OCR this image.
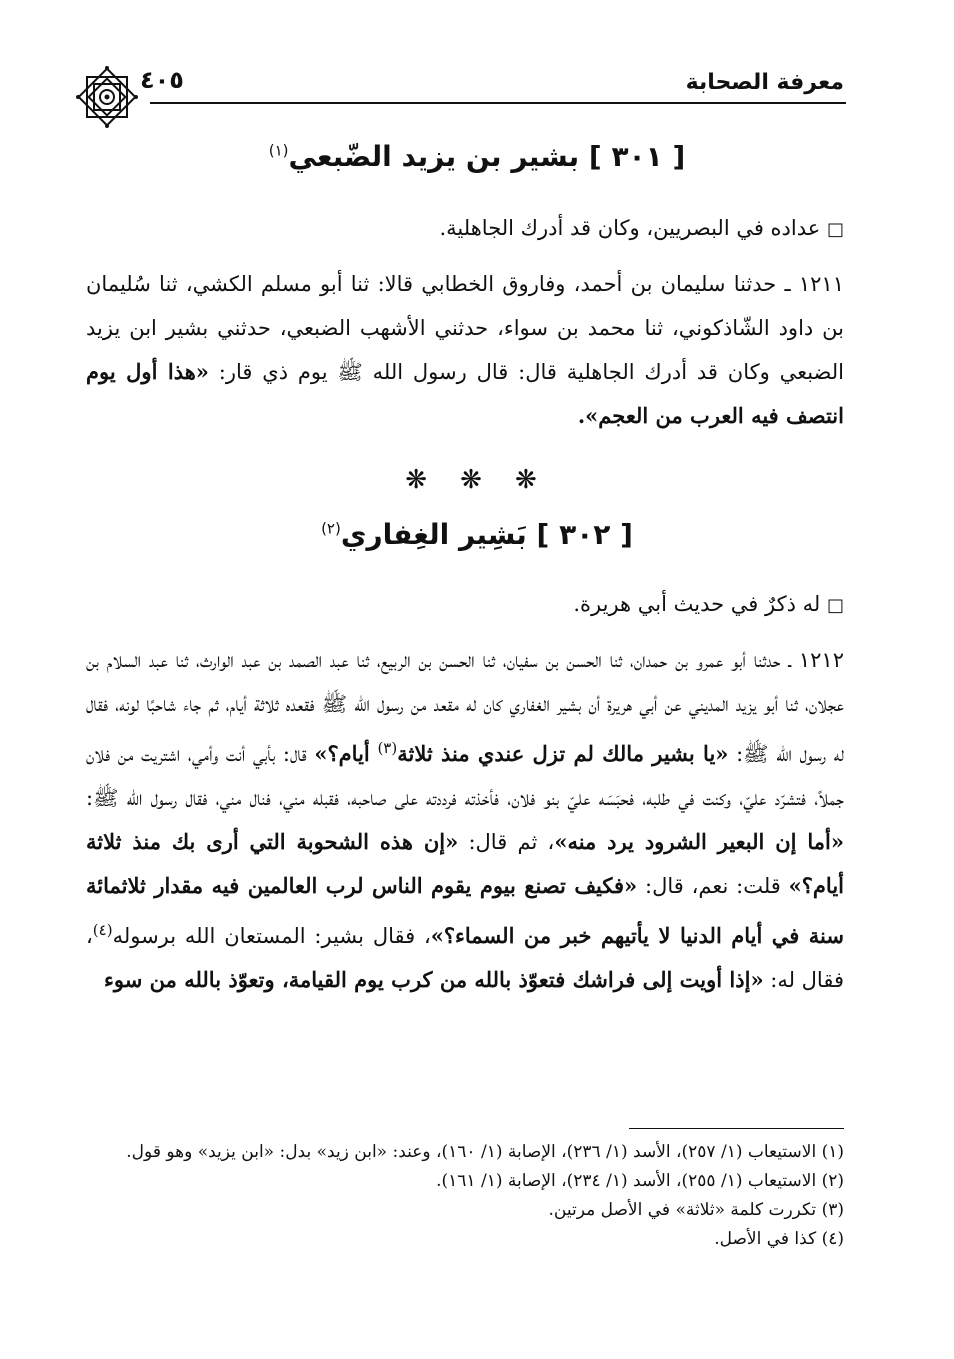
معرفة الصحابة
٤٠٥
[ ٣٠١ ] بشير بن يزيد الضّبعي$^{(١)}$
□ عداده في البصريين، وكان قد أدرك الجاهلية.
١٢١١ ـ حدثنا سليمان بن أحمد، وفاروق الخطابي قالا: ثنا أبو مسلم الكشي، ثنا سُليمان بن داود الشّاذكوني، ثنا محمد بن سواء، حدثني الأشهب الضبعي، حدثني بشير ابن يزيد الضبعي وكان قد أدرك الجاهلية قال: قال رسول الله ﷺ يوم ذي قار: «هذا أول يوم انتصف فيه العرب من العجم».
❋ ❋ ❋
[ ٣٠٢ ] بَشِير الغِفاري$^{(٢)}$
□ له ذكرٌ في حديث أبي هريرة.
١٢١٢ ـ حدثنا أبو عمرو بن حمدان، ثنا الحسن بن سفيان، ثنا الحسن بن الربيع، ثنا عبد الصمد بن عبد الوارث، ثنا عبد السلام بن عجلان، ثنا أبو يزيد المديني عن أبي هريرة أن بشير الغفاري كان له مقعد من رسول الله ﷺ فقعده ثلاثة أيام، ثم جاء شاحبًا لونه، فقال له رسول الله ﷺ: «يا بشير مالك لم تزل عندي منذ ثلاثة$^{(٣)}$ أيام؟» قال: بأبي أنت وأمي، اشتريت من فلان جملاً، فتشرّد عليّ، وكنت في طلبه، فحبَسَه عليّ بنو فلان، فأخذته فرددته على صاحبه، فقبله مني، فنال مني، فقال رسول الله ﷺ: «أما إن البعير الشرود يرد منه»، ثم قال: «إن هذه الشحوبة التي أرى بك منذ ثلاثة أيام؟» قلت: نعم، قال: «فكيف تصنع بيوم يقوم الناس لرب العالمين فيه مقدار ثلاثمائة سنة في أيام الدنيا لا يأتيهم خبر من السماء؟»، فقال بشير: المستعان الله برسوله$^{(٤)}$، فقال له: «إذا أويت إلى فراشك فتعوّذ بالله من كرب يوم القيامة، وتعوّذ بالله من سوء

(١) الاستيعاب (١/ ٢٥٧)، الأسد (١/ ٢٣٦)، الإصابة (١/ ١٦٠)، وعند: «ابن زيد» بدل: «ابن يزيد» وهو قول.

(٢) الاستيعاب (١/ ٢٥٥)، الأسد (١/ ٢٣٤)، الإصابة (١/ ١٦١).

(٣) تكررت كلمة «ثلاثة» في الأصل مرتين.

(٤) كذا في الأصل.
